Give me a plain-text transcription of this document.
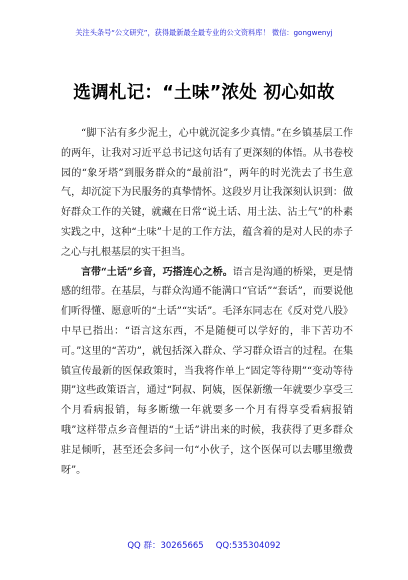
关注头条号“公文研究”，获得最新最全最专业的公文资料库！ 微信：gongwenyj
选调札记：“土味”浓处 初心如故

“脚下沾有多少泥土，心中就沉淀多少真情。”在乡镇基层工作的两年，让我对习近平总书记这句话有了更深刻的体悟。从书卷校园的“象牙塔”到服务群众的“最前沿”，两年的时光洗去了书生意气，却沉淀下为民服务的真挚情怀。这段岁月让我深刻认识到：做好群众工作的关键，就藏在日常“说土话、用土法、沾土气”的朴素实践之中，这种“土味”十足的工作方法，蕴含着的是对人民的赤子之心与扎根基层的实干担当。

言带“土话”乡音，巧搭连心之桥。语言是沟通的桥梁，更是情感的纽带。在基层，与群众沟通不能满口“官话”“套话”，而要说他们听得懂、愿意听的“土话”“实话”。毛泽东同志在《反对党八股》中早已指出：“语言这东西，不是随便可以学好的，非下苦功不可。”这里的“苦功”，就包括深入群众、学习群众语言的过程。在集镇宣传最新的医保政策时，当我将作单上“固定等待期”“变动等待期”这些政策语言，通过“阿叔、阿姨，医保新缴一年就要少享受三个月看病报销，每多断缴一年就要多一个月有得享受看病报销哦”这样带点乡音俚语的“土话”讲出来的时候，我获得了更多群众驻足倾听，甚至还会多问一句“小伙子，这个医保可以去哪里缴费呀”。

QQ 群：30265665 QQ:535304092
